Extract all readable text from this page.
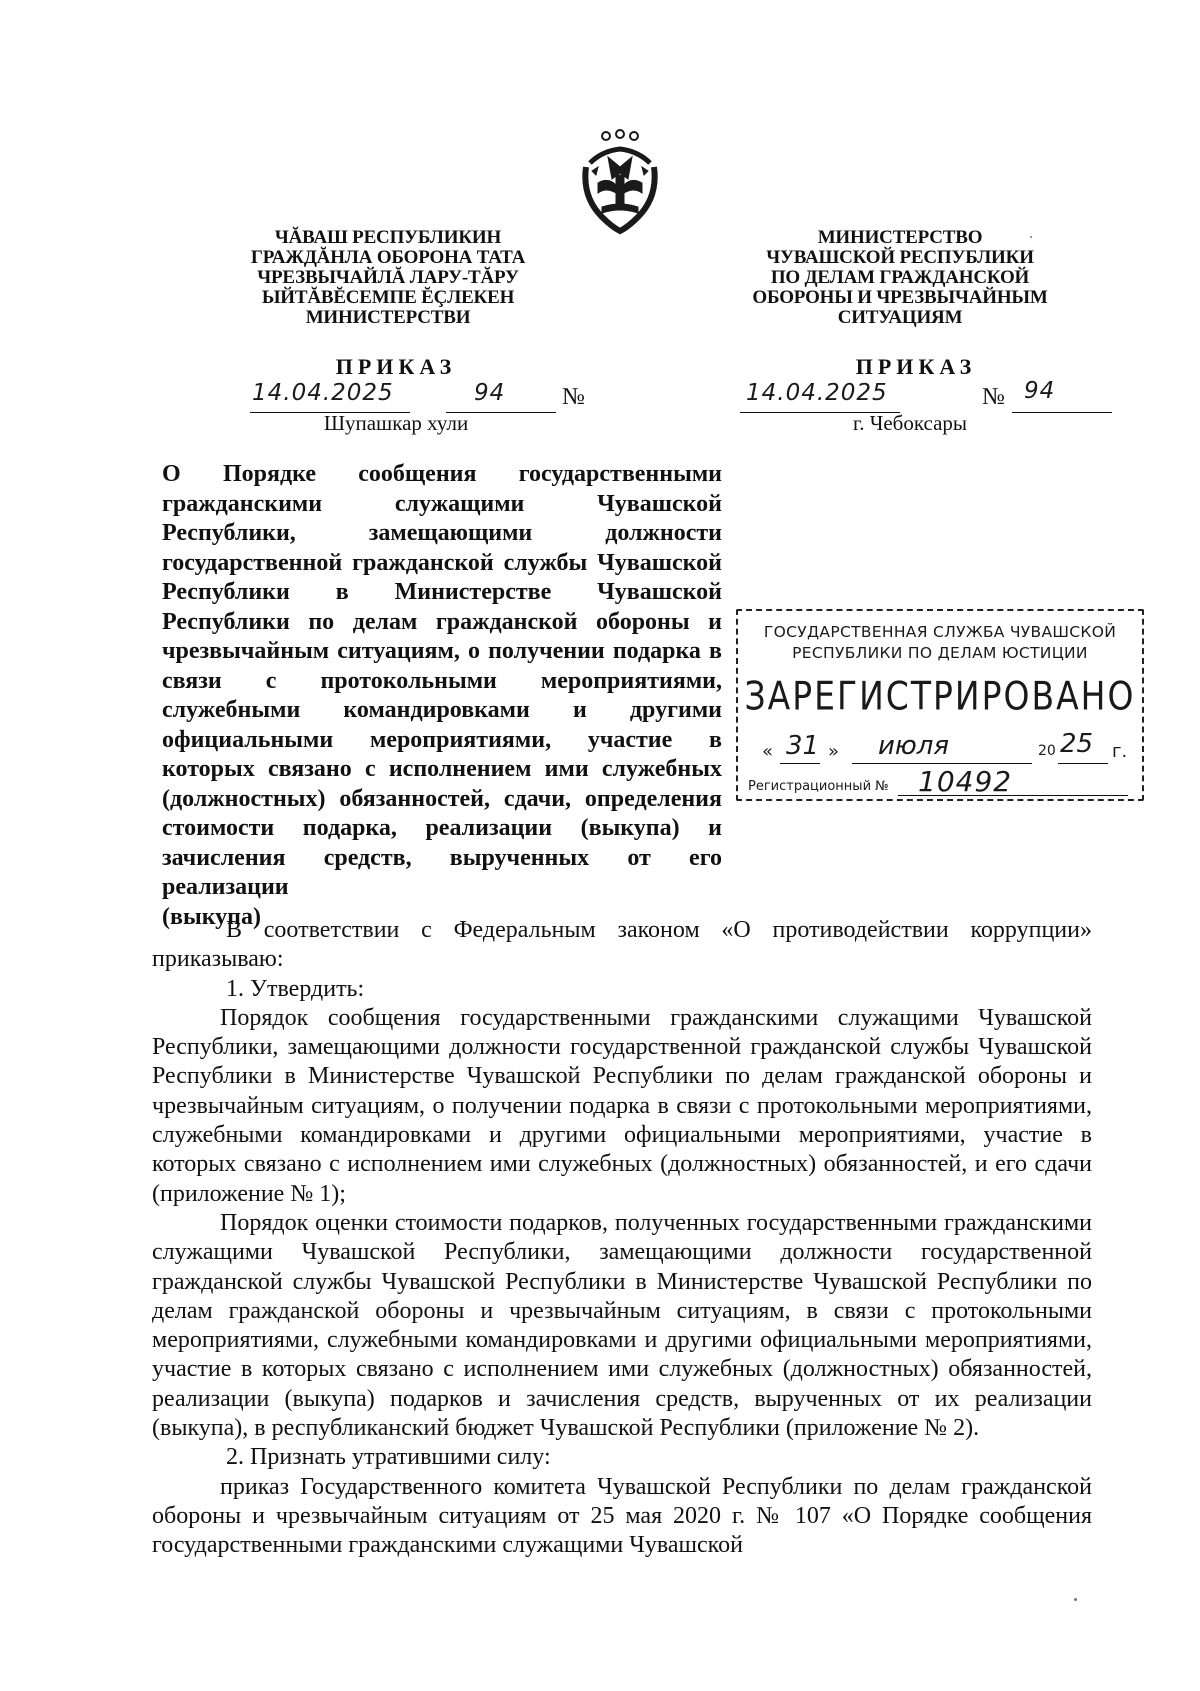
ЧĂВАШ РЕСПУБЛИКИН
ГРАЖДĂНЛА ОБОРОНА ТАТА
ЧРЕЗВЫЧАЙЛĂ ЛАРУ-ТĂРУ
ЫЙТĂВĔСЕМПЕ ĔÇЛЕКЕН
МИНИСТЕРСТВИ
МИНИСТЕРСТВО
ЧУВАШСКОЙ РЕСПУБЛИКИ
ПО ДЕЛАМ ГРАЖДАНСКОЙ
ОБОРОНЫ И ЧРЕЗВЫЧАЙНЫМ
СИТУАЦИЯМ
ПРИКАЗ	ПРИКАЗ
14.04.2025	94 №	14.04.2025	№ 94
Шупашкар хули	г. Чебоксары

О Порядке сообщения государственными гражданскими служащими Чувашской Республики, замещающими должности государственной гражданской службы Чувашской Республики в Министерстве Чувашской Республики по делам гражданской обороны и чрезвычайным ситуациям, о получении подарка в связи с протокольными мероприятиями, служебными командировками и другими официальными мероприятиями, участие в которых связано с исполнением ими служебных (должностных) обязанностей, сдачи, определения стоимости подарка, реализации (выкупа) и зачисления средств, вырученных от его реализации
(выкупа)

ГОСУДАРСТВЕННАЯ СЛУЖБА ЧУВАШСКОЙ
РЕСПУБЛИКИ ПО ДЕЛАМ ЮСТИЦИИ
ЗАРЕГИСТРИРОВАНО
« 31 » июля	20 25 г.
Регистрационный № 10492

В соответствии с Федеральным законом «О противодействии коррупции» приказываю:

1. Утвердить:

Порядок сообщения государственными гражданскими служащими Чувашской Республики, замещающими должности государственной гражданской службы Чувашской Республики в Министерстве Чувашской Республики по делам гражданской обороны и чрезвычайным ситуациям, о получении подарка в связи с протокольными мероприятиями, служебными командировками и другими официальными мероприятиями, участие в которых связано с исполнением ими служебных (должностных) обязанностей, и его сдачи (приложение № 1);

Порядок оценки стоимости подарков, полученных государственными гражданскими служащими Чувашской Республики, замещающими должности государственной гражданской службы Чувашской Республики в Министерстве Чувашской Республики по делам гражданской обороны и чрезвычайным ситуациям, в связи с протокольными мероприятиями, служебными командировками и другими официальными мероприятиями, участие в которых связано с исполнением ими служебных (должностных) обязанностей, реализации (выкупа) подарков и зачисления средств, вырученных от их реализации (выкупа), в республиканский бюджет Чувашской Республики (приложение № 2).

2. Признать утратившими силу:

приказ Государственного комитета Чувашской Республики по делам гражданской обороны и чрезвычайным ситуациям от 25 мая 2020 г. № 107 «О Порядке сообщения государственными гражданскими служащими Чувашской
